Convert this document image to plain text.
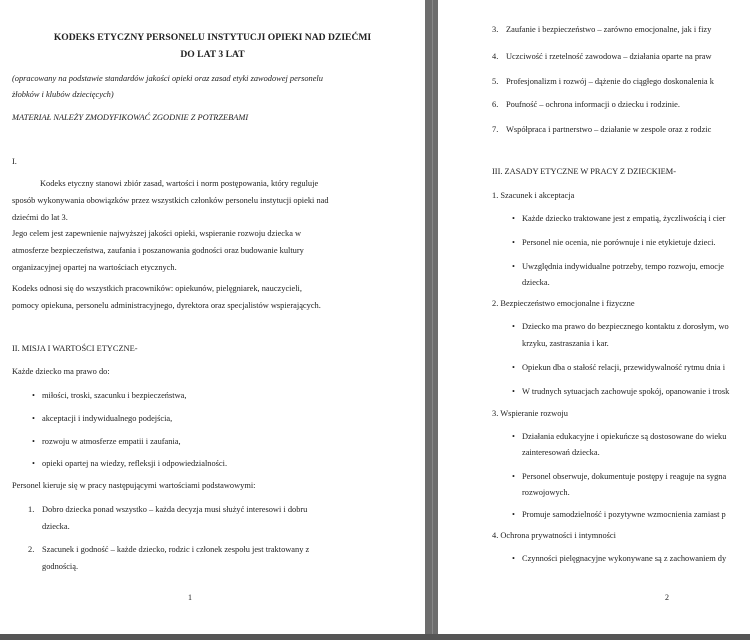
KODEKS ETYCZNY PERSONELU INSTYTUCJI OPIEKI NAD DZIEĆMI
DO LAT 3 LAT
(opracowany na podstawie standardów jakości opieki oraz zasad etyki zawodowej personelu
żłobków i klubów dziecięcych)
MATERIAŁ NALEŻY ZMODYFIKOWAĆ ZGODNIE Z POTRZEBAMI
I.
Kodeks etyczny stanowi zbiór zasad, wartości i norm postępowania, który reguluje
sposób wykonywania obowiązków przez wszystkich członków personelu instytucji opieki nad
dziećmi do lat 3.
Jego celem jest zapewnienie najwyższej jakości opieki, wspieranie rozwoju dziecka w
atmosferze bezpieczeństwa, zaufania i poszanowania godności oraz budowanie kultury
organizacyjnej opartej na wartościach etycznych.
Kodeks odnosi się do wszystkich pracowników: opiekunów, pielęgniarek, nauczycieli,
pomocy opiekuna, personelu administracyjnego, dyrektora oraz specjalistów wspierających.
II. MISJA I WARTOŚCI ETYCZNE-
Każde dziecko ma prawo do:
• miłości, troski, szacunku i bezpieczeństwa,
• akceptacji i indywidualnego podejścia,
• rozwoju w atmosferze empatii i zaufania,
• opieki opartej na wiedzy, refleksji i odpowiedzialności.
Personel kieruje się w pracy następującymi wartościami podstawowymi:
1. Dobro dziecka ponad wszystko – każda decyzja musi służyć interesowi i dobru
dziecka.
2. Szacunek i godność – każde dziecko, rodzic i członek zespołu jest traktowany z
godnością.
1
3. Zaufanie i bezpieczeństwo – zarówno emocjonalne, jak i fizy
4. Uczciwość i rzetelność zawodowa – działania oparte na praw
5. Profesjonalizm i rozwój – dążenie do ciągłego doskonalenia k
6. Poufność – ochrona informacji o dziecku i rodzinie.
7. Współpraca i partnerstwo – działanie w zespole oraz z rodzic
III. ZASADY ETYCZNE W PRACY Z DZIECKIEM-
1. Szacunek i akceptacja
• Każde dziecko traktowane jest z empatią, życzliwością i cier
• Personel nie ocenia, nie porównuje i nie etykietuje dzieci.
• Uwzględnia indywidualne potrzeby, tempo rozwoju, emocje
dziecka.
2. Bezpieczeństwo emocjonalne i fizyczne
• Dziecko ma prawo do bezpiecznego kontaktu z dorosłym, wo
krzyku, zastraszania i kar.
• Opiekun dba o stałość relacji, przewidywalność rytmu dnia i
• W trudnych sytuacjach zachowuje spokój, opanowanie i trosk
3. Wspieranie rozwoju
• Działania edukacyjne i opiekuńcze są dostosowane do wieku
zainteresowań dziecka.
• Personel obserwuje, dokumentuje postępy i reaguje na sygna
rozwojowych.
• Promuje samodzielność i pozytywne wzmocnienia zamiast p
4. Ochrona prywatności i intymności
• Czynności pielęgnacyjne wykonywane są z zachowaniem dy
2
